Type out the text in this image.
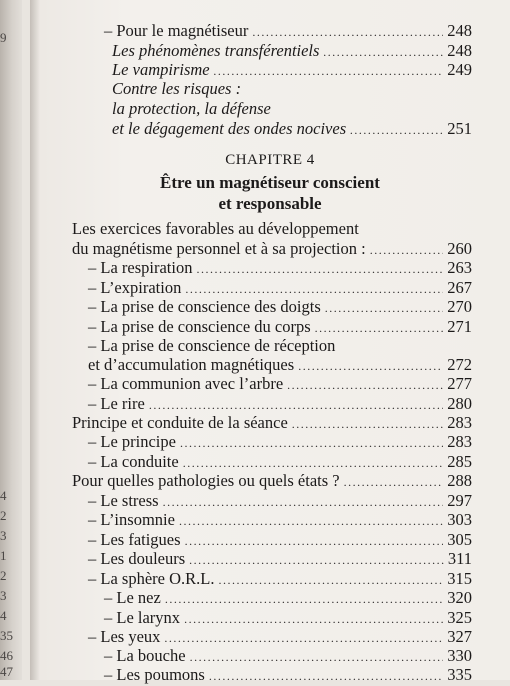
9
4
2
3
1
2
3
4
35
46
47
– Pour le magnétiseur .....	248
Les phénomènes transférentiels .....	248
Le vampirisme .....	249
Contre les risques :
la protection, la défense
et le dégagement des ondes nocives .....	251
CHAPITRE 4
Être un magnétiseur conscient
et responsable
Les exercices favorables au développement
du magnétisme personnel et à sa projection : .....	260
– La respiration .....	263
– L’expiration .....	267
– La prise de conscience des doigts .....	270
– La prise de conscience du corps .....	271
– La prise de conscience de réception
et d’accumulation magnétiques .....	272
– La communion avec l’arbre .....	277
– Le rire .....	280
Principe et conduite de la séance .....	283
– Le principe .....	283
– La conduite .....	285
Pour quelles pathologies ou quels états ? .....	288
– Le stress .....	297
– L’insomnie .....	303
– Les fatigues .....	305
– Les douleurs .....	311
– La sphère O.R.L. .....	315
– Le nez .....	320
– Le larynx .....	325
– Les yeux .....	327
– La bouche .....	330
– Les poumons .....	335
